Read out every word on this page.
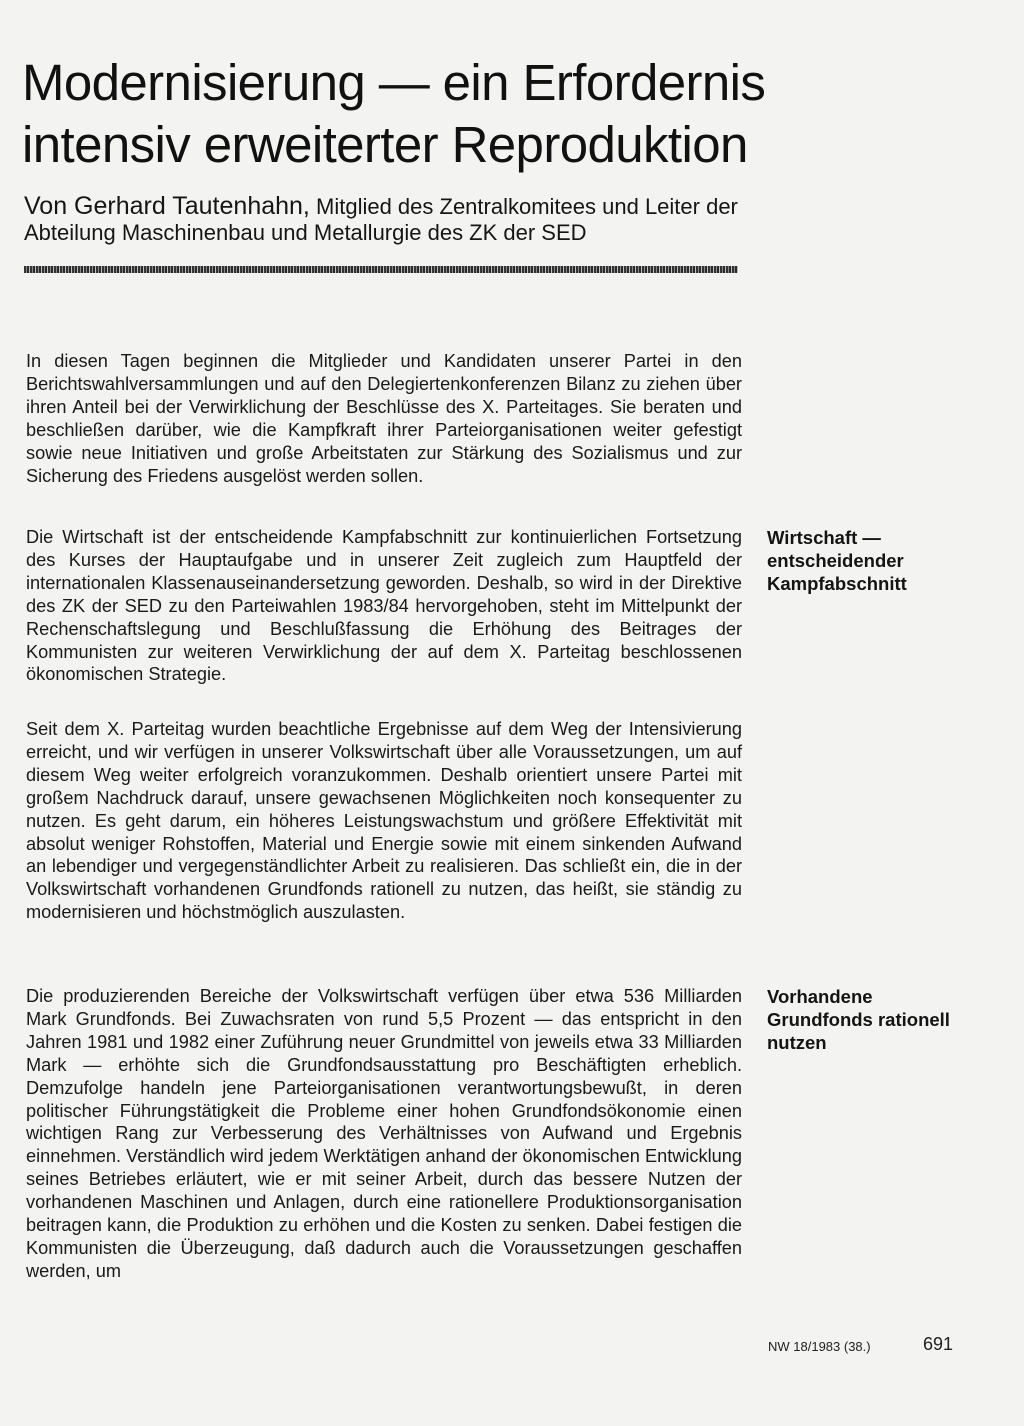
Modernisierung — ein Erfordernis intensiv erweiterter Reproduktion

Von Gerhard Tautenhahn, Mitglied des Zentralkomitees und Leiter der Abteilung Maschinenbau und Metallurgie des ZK der SED

In diesen Tagen beginnen die Mitglieder und Kandidaten unserer Partei in den Berichtswahlversammlungen und auf den Delegiertenkonferenzen Bilanz zu ziehen über ihren Anteil bei der Verwirklichung der Beschlüsse des X. Parteitages. Sie beraten und beschließen darüber, wie die Kampfkraft ihrer Parteiorganisationen weiter gefestigt sowie neue Initiativen und große Arbeitstaten zur Stärkung des Sozialismus und zur Sicherung des Friedens ausgelöst werden sollen.

Die Wirtschaft ist der entscheidende Kampfabschnitt zur kontinuierlichen Fortsetzung des Kurses der Hauptaufgabe und in unserer Zeit zugleich zum Hauptfeld der internationalen Klassenauseinandersetzung geworden. Deshalb, so wird in der Direktive des ZK der SED zu den Parteiwahlen 1983/84 hervorgehoben, steht im Mittelpunkt der Rechenschaftslegung und Beschlußfassung die Erhöhung des Beitrages der Kommunisten zur weiteren Verwirklichung der auf dem X. Parteitag beschlossenen ökonomischen Strategie.

Seit dem X. Parteitag wurden beachtliche Ergebnisse auf dem Weg der Intensivierung erreicht, und wir verfügen in unserer Volkswirtschaft über alle Voraussetzungen, um auf diesem Weg weiter erfolgreich voranzukommen. Deshalb orientiert unsere Partei mit großem Nachdruck darauf, unsere gewachsenen Möglichkeiten noch konsequenter zu nutzen. Es geht darum, ein höheres Leistungswachstum und größere Effektivität mit absolut weniger Rohstoffen, Material und Energie sowie mit einem sinkenden Aufwand an lebendiger und vergegenständlichter Arbeit zu realisieren. Das schließt ein, die in der Volkswirtschaft vorhandenen Grundfonds rationell zu nutzen, das heißt, sie ständig zu modernisieren und höchstmöglich auszulasten.

Die produzierenden Bereiche der Volkswirtschaft verfügen über etwa 536 Milliarden Mark Grundfonds. Bei Zuwachsraten von rund 5,5 Prozent — das entspricht in den Jahren 1981 und 1982 einer Zuführung neuer Grundmittel von jeweils etwa 33 Milliarden Mark — erhöhte sich die Grundfondsausstattung pro Beschäftigten erheblich. Demzufolge handeln jene Parteiorganisationen verantwortungsbewußt, in deren politischer Führungstätigkeit die Probleme einer hohen Grundfondsökonomie einen wichtigen Rang zur Verbesserung des Verhältnisses von Aufwand und Ergebnis einnehmen. Verständlich wird jedem Werktätigen anhand der ökonomischen Entwicklung seines Betriebes erläutert, wie er mit seiner Arbeit, durch das bessere Nutzen der vorhandenen Maschinen und Anlagen, durch eine rationellere Produktionsorganisation beitragen kann, die Produktion zu erhöhen und die Kosten zu senken. Dabei festigen die Kommunisten die Überzeugung, daß dadurch auch die Voraussetzungen geschaffen werden, um

Wirtschaft — entscheidender Kampfabschnitt

Vorhandene Grundfonds rationell nutzen

NW 18/1983 (38.)	691
